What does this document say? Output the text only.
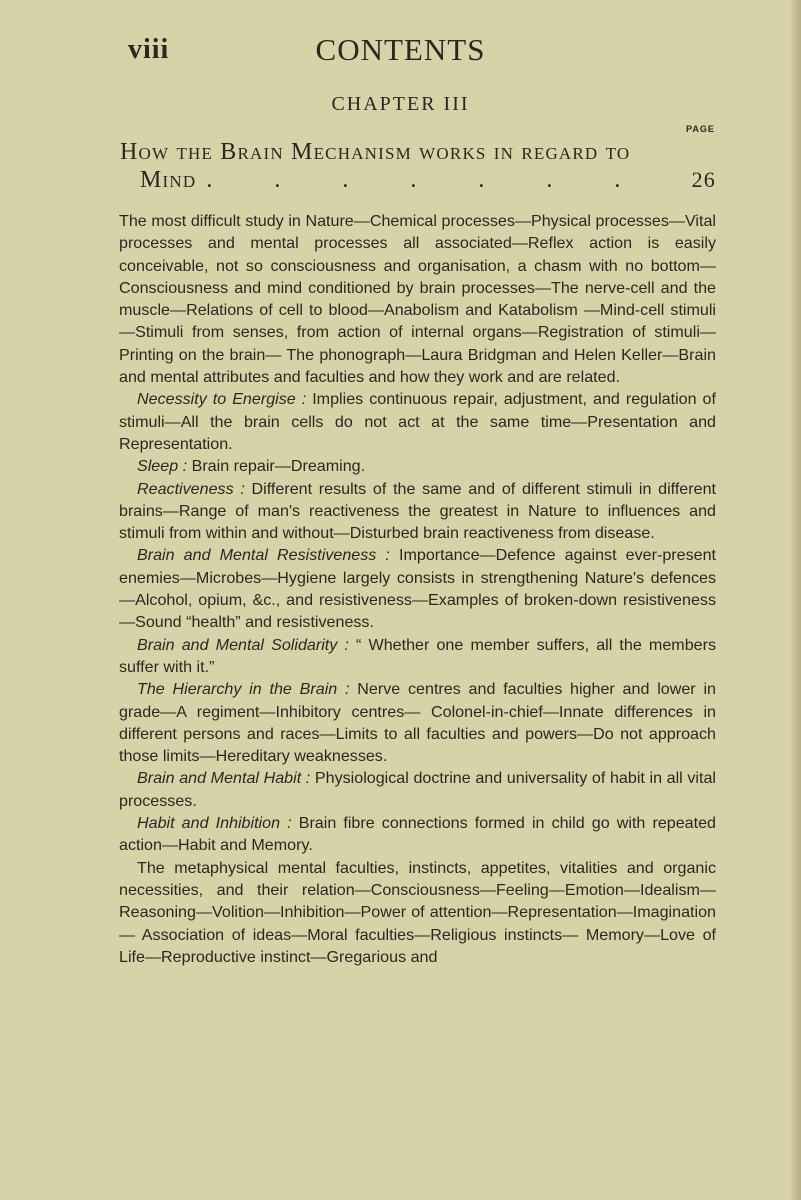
viii	CONTENTS
CHAPTER III
PAGE
How the Brain Mechanism works in regard to
Mind . . . . . . . 26

The most difficult study in Nature—Chemical processes—Physical processes—Vital processes and mental processes all associated—Reflex action is easily conceivable, not so consciousness and organisation, a chasm with no bottom—Consciousness and mind conditioned by brain processes—The nerve-cell and the muscle—Relations of cell to blood—Anabolism and Katabolism —Mind-cell stimuli—Stimuli from senses, from action of internal organs—Registration of stimuli—Printing on the brain— The phonograph—Laura Bridgman and Helen Keller—Brain and mental attributes and faculties and how they work and are related.

Necessity to Energise : Implies continuous repair, adjustment, and regulation of stimuli—All the brain cells do not act at the same time—Presentation and Representation.

Sleep : Brain repair—Dreaming.

Reactiveness : Different results of the same and of different stimuli in different brains—Range of man's reactiveness the greatest in Nature to influences and stimuli from within and without—Disturbed brain reactiveness from disease.

Brain and Mental Resistiveness : Importance—Defence against ever-present enemies—Microbes—Hygiene largely consists in strengthening Nature's defences—Alcohol, opium, &c., and resistiveness—Examples of broken-down resistiveness—Sound “health” and resistiveness.

Brain and Mental Solidarity : “ Whether one member suffers, all the members suffer with it.”

The Hierarchy in the Brain : Nerve centres and faculties higher and lower in grade—A regiment—Inhibitory centres— Colonel-in-chief—Innate differences in different persons and races—Limits to all faculties and powers—Do not approach those limits—Hereditary weaknesses.

Brain and Mental Habit : Physiological doctrine and universality of habit in all vital processes.

Habit and Inhibition : Brain fibre connections formed in child go with repeated action—Habit and Memory.

The metaphysical mental faculties, instincts, appetites, vitalities and organic necessities, and their relation—Consciousness—Feeling—Emotion—Idealism—Reasoning—Volition—Inhibition—Power of attention—Representation—Imagination— Association of ideas—Moral faculties—Religious instincts— Memory—Love of Life—Reproductive instinct—Gregarious and
